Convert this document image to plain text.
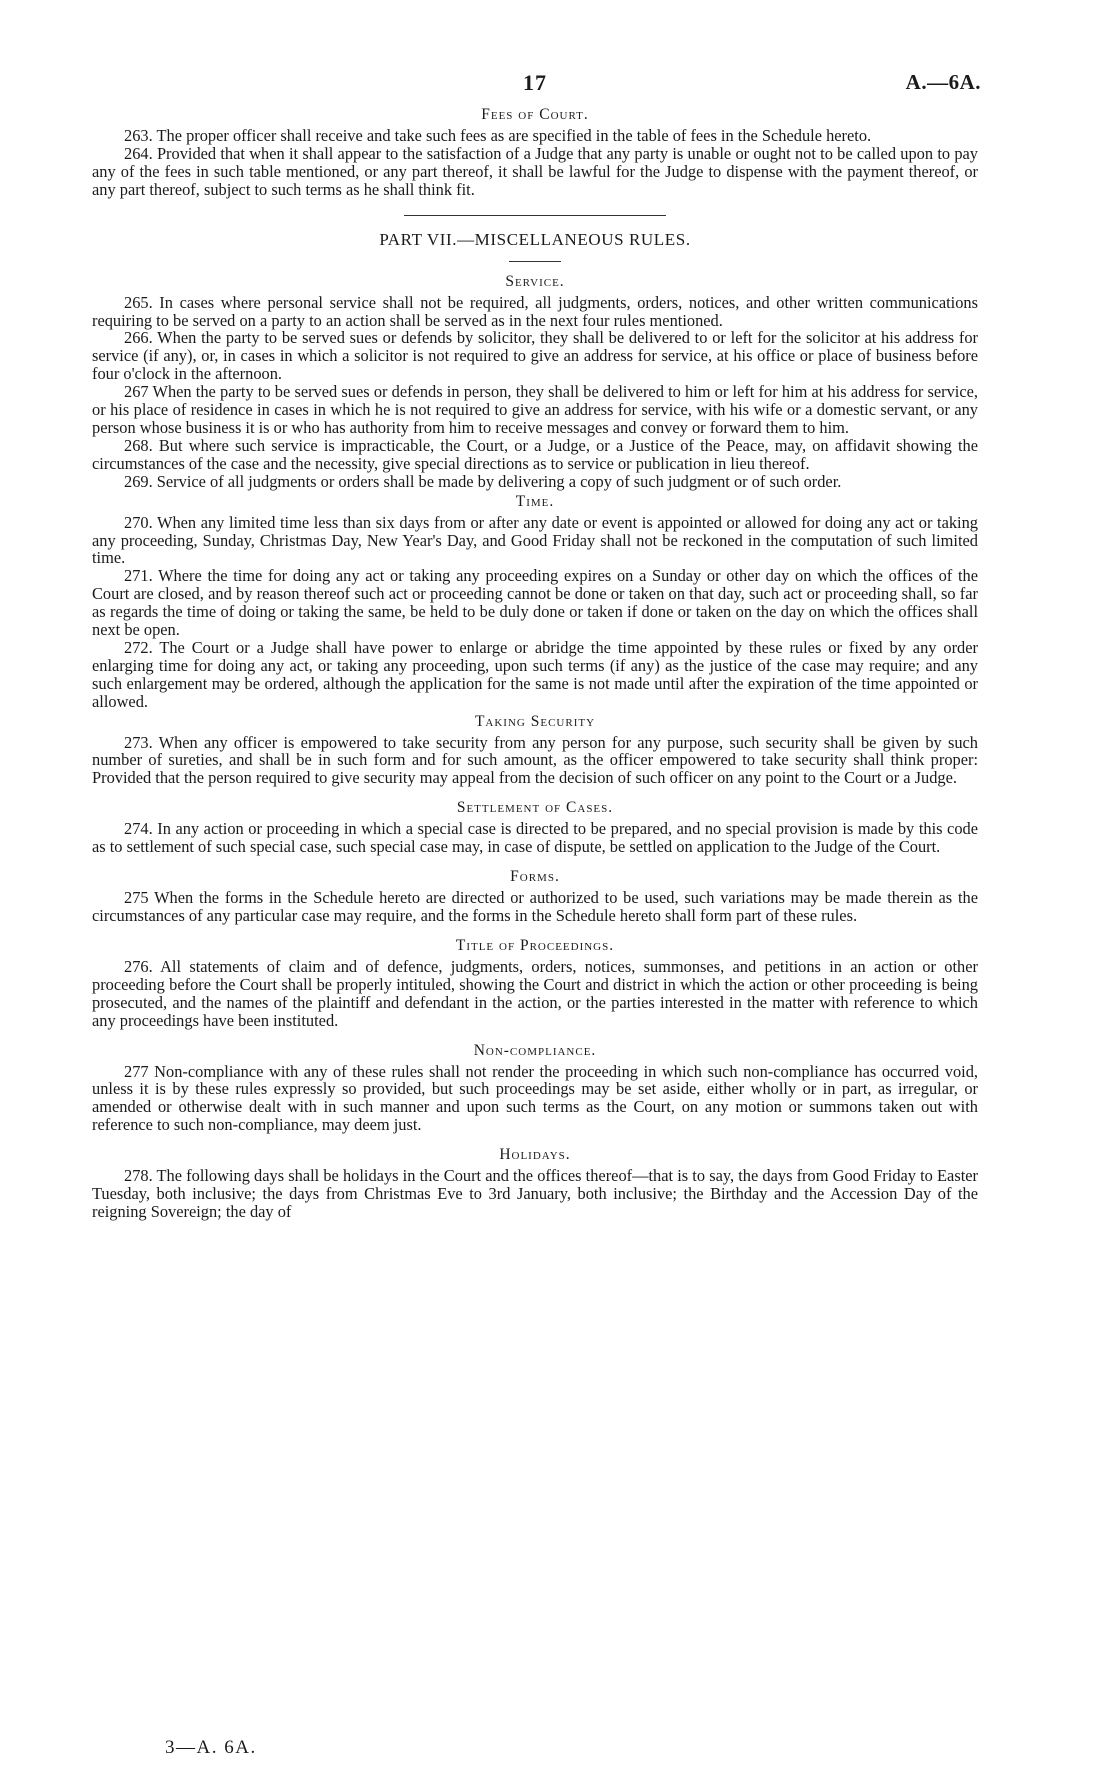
17	A.—6A.
Fees of Court.

263. The proper officer shall receive and take such fees as are specified in the table of fees in the Schedule hereto.

264. Provided that when it shall appear to the satisfaction of a Judge that any party is unable or ought not to be called upon to pay any of the fees in such table mentioned, or any part thereof, it shall be lawful for the Judge to dispense with the payment thereof, or any part thereof, subject to such terms as he shall think fit.

PART VII.—MISCELLANEOUS RULES.
Service.

265. In cases where personal service shall not be required, all judgments, orders, notices, and other written communications requiring to be served on a party to an action shall be served as in the next four rules mentioned.

266. When the party to be served sues or defends by solicitor, they shall be delivered to or left for the solicitor at his address for service (if any), or, in cases in which a solicitor is not required to give an address for service, at his office or place of business before four o'clock in the afternoon.

267 When the party to be served sues or defends in person, they shall be delivered to him or left for him at his address for service, or his place of residence in cases in which he is not required to give an address for service, with his wife or a domestic servant, or any person whose business it is or who has authority from him to receive messages and convey or forward them to him.

268. But where such service is impracticable, the Court, or a Judge, or a Justice of the Peace, may, on affidavit showing the circumstances of the case and the necessity, give special directions as to service or publication in lieu thereof.

269. Service of all judgments or orders shall be made by delivering a copy of such judgment or of such order.

Time.

270. When any limited time less than six days from or after any date or event is appointed or allowed for doing any act or taking any proceeding, Sunday, Christmas Day, New Year's Day, and Good Friday shall not be reckoned in the computation of such limited time.

271. Where the time for doing any act or taking any proceeding expires on a Sunday or other day on which the offices of the Court are closed, and by reason thereof such act or proceeding cannot be done or taken on that day, such act or proceeding shall, so far as regards the time of doing or taking the same, be held to be duly done or taken if done or taken on the day on which the offices shall next be open.

272. The Court or a Judge shall have power to enlarge or abridge the time appointed by these rules or fixed by any order enlarging time for doing any act, or taking any proceeding, upon such terms (if any) as the justice of the case may require; and any such enlargement may be ordered, although the application for the same is not made until after the expiration of the time appointed or allowed.

Taking Security

273. When any officer is empowered to take security from any person for any purpose, such security shall be given by such number of sureties, and shall be in such form and for such amount, as the officer empowered to take security shall think proper: Provided that the person required to give security may appeal from the decision of such officer on any point to the Court or a Judge.

Settlement of Cases.

274. In any action or proceeding in which a special case is directed to be prepared, and no special provision is made by this code as to settlement of such special case, such special case may, in case of dispute, be settled on application to the Judge of the Court.

Forms.

275 When the forms in the Schedule hereto are directed or authorized to be used, such variations may be made therein as the circumstances of any particular case may require, and the forms in the Schedule hereto shall form part of these rules.

Title of Proceedings.

276. All statements of claim and of defence, judgments, orders, notices, summonses, and petitions in an action or other proceeding before the Court shall be properly intituled, showing the Court and district in which the action or other proceeding is being prosecuted, and the names of the plaintiff and defendant in the action, or the parties interested in the matter with reference to which any proceedings have been instituted.

Non-compliance.

277 Non-compliance with any of these rules shall not render the proceeding in which such non-compliance has occurred void, unless it is by these rules expressly so provided, but such proceedings may be set aside, either wholly or in part, as irregular, or amended or otherwise dealt with in such manner and upon such terms as the Court, on any motion or summons taken out with reference to such non-compliance, may deem just.

Holidays.

278. The following days shall be holidays in the Court and the offices thereof—that is to say, the days from Good Friday to Easter Tuesday, both inclusive; the days from Christmas Eve to 3rd January, both inclusive; the Birthday and the Accession Day of the reigning Sovereign; the day of

3—A. 6A.
